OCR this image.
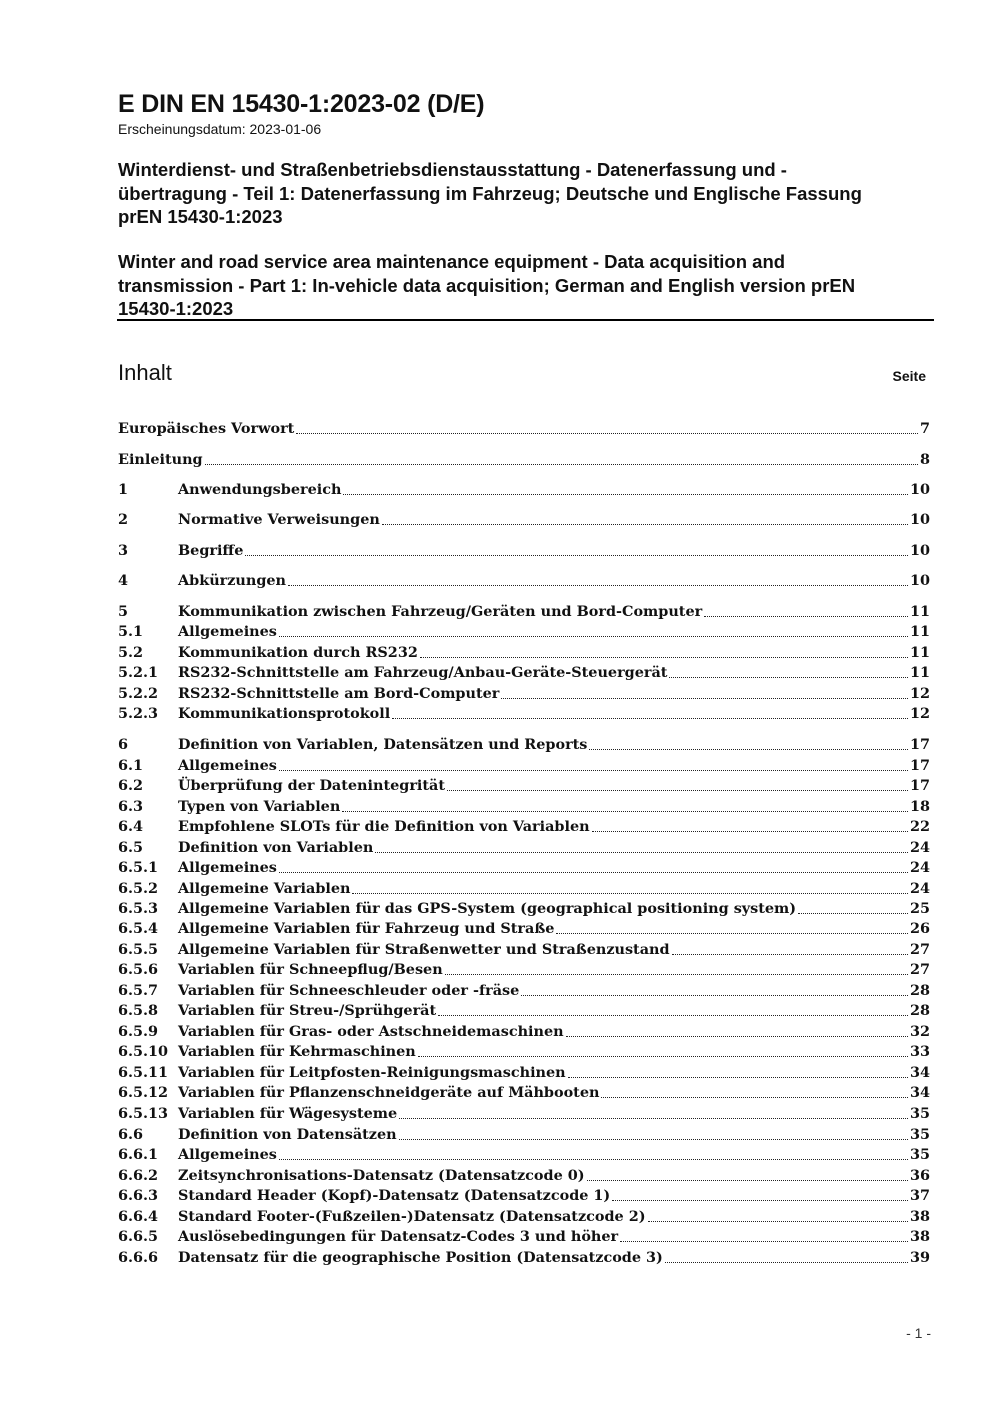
E DIN EN 15430-1:2023-02 (D/E)
Erscheinungsdatum: 2023-01-06
Winterdienst- und Straßenbetriebsdienstausstattung - Datenerfassung und -
übertragung - Teil 1: Datenerfassung im Fahrzeug; Deutsche und Englische Fassung
prEN 15430-1:2023
Winter and road service area maintenance equipment - Data acquisition and
transmission - Part 1: In-vehicle data acquisition; German and English version prEN
15430-1:2023
Inhalt	Seite
Europäisches Vorwort	7
Einleitung	8
1	Anwendungsbereich	10
2	Normative Verweisungen	10
3	Begriffe	10
4	Abkürzungen	10
5	Kommunikation zwischen Fahrzeug/Geräten und Bord-Computer	11
5.1	Allgemeines	11
5.2	Kommunikation durch RS232	11
5.2.1	RS232-Schnittstelle am Fahrzeug/Anbau-Geräte-Steuergerät	11
5.2.2	RS232-Schnittstelle am Bord-Computer	12
5.2.3	Kommunikationsprotokoll	12
6	Definition von Variablen, Datensätzen und Reports	17
6.1	Allgemeines	17
6.2	Überprüfung der Datenintegrität	17
6.3	Typen von Variablen	18
6.4	Empfohlene SLOTs für die Definition von Variablen	22
6.5	Definition von Variablen	24
6.5.1	Allgemeines	24
6.5.2	Allgemeine Variablen	24
6.5.3	Allgemeine Variablen für das GPS-System (geographical positioning system)	25
6.5.4	Allgemeine Variablen für Fahrzeug und Straße	26
6.5.5	Allgemeine Variablen für Straßenwetter und Straßenzustand	27
6.5.6	Variablen für Schneepflug/Besen	27
6.5.7	Variablen für Schneeschleuder oder -fräse	28
6.5.8	Variablen für Streu-/Sprühgerät	28
6.5.9	Variablen für Gras- oder Astschneidemaschinen	32
6.5.10 Variablen für Kehrmaschinen	33
6.5.11 Variablen für Leitpfosten-Reinigungsmaschinen	34
6.5.12 Variablen für Pflanzenschneidgeräte auf Mähbooten	34
6.5.13 Variablen für Wägesysteme	35
6.6	Definition von Datensätzen	35
6.6.1	Allgemeines	35
6.6.2	Zeitsynchronisations-Datensatz (Datensatzcode 0)	36
6.6.3	Standard Header (Kopf)-Datensatz (Datensatzcode 1)	37
6.6.4	Standard Footer-(Fußzeilen-)Datensatz (Datensatzcode 2)	38
6.6.5	Auslösebedingungen für Datensatz-Codes 3 und höher	38
6.6.6	Datensatz für die geographische Position (Datensatzcode 3)	39
- 1 -
